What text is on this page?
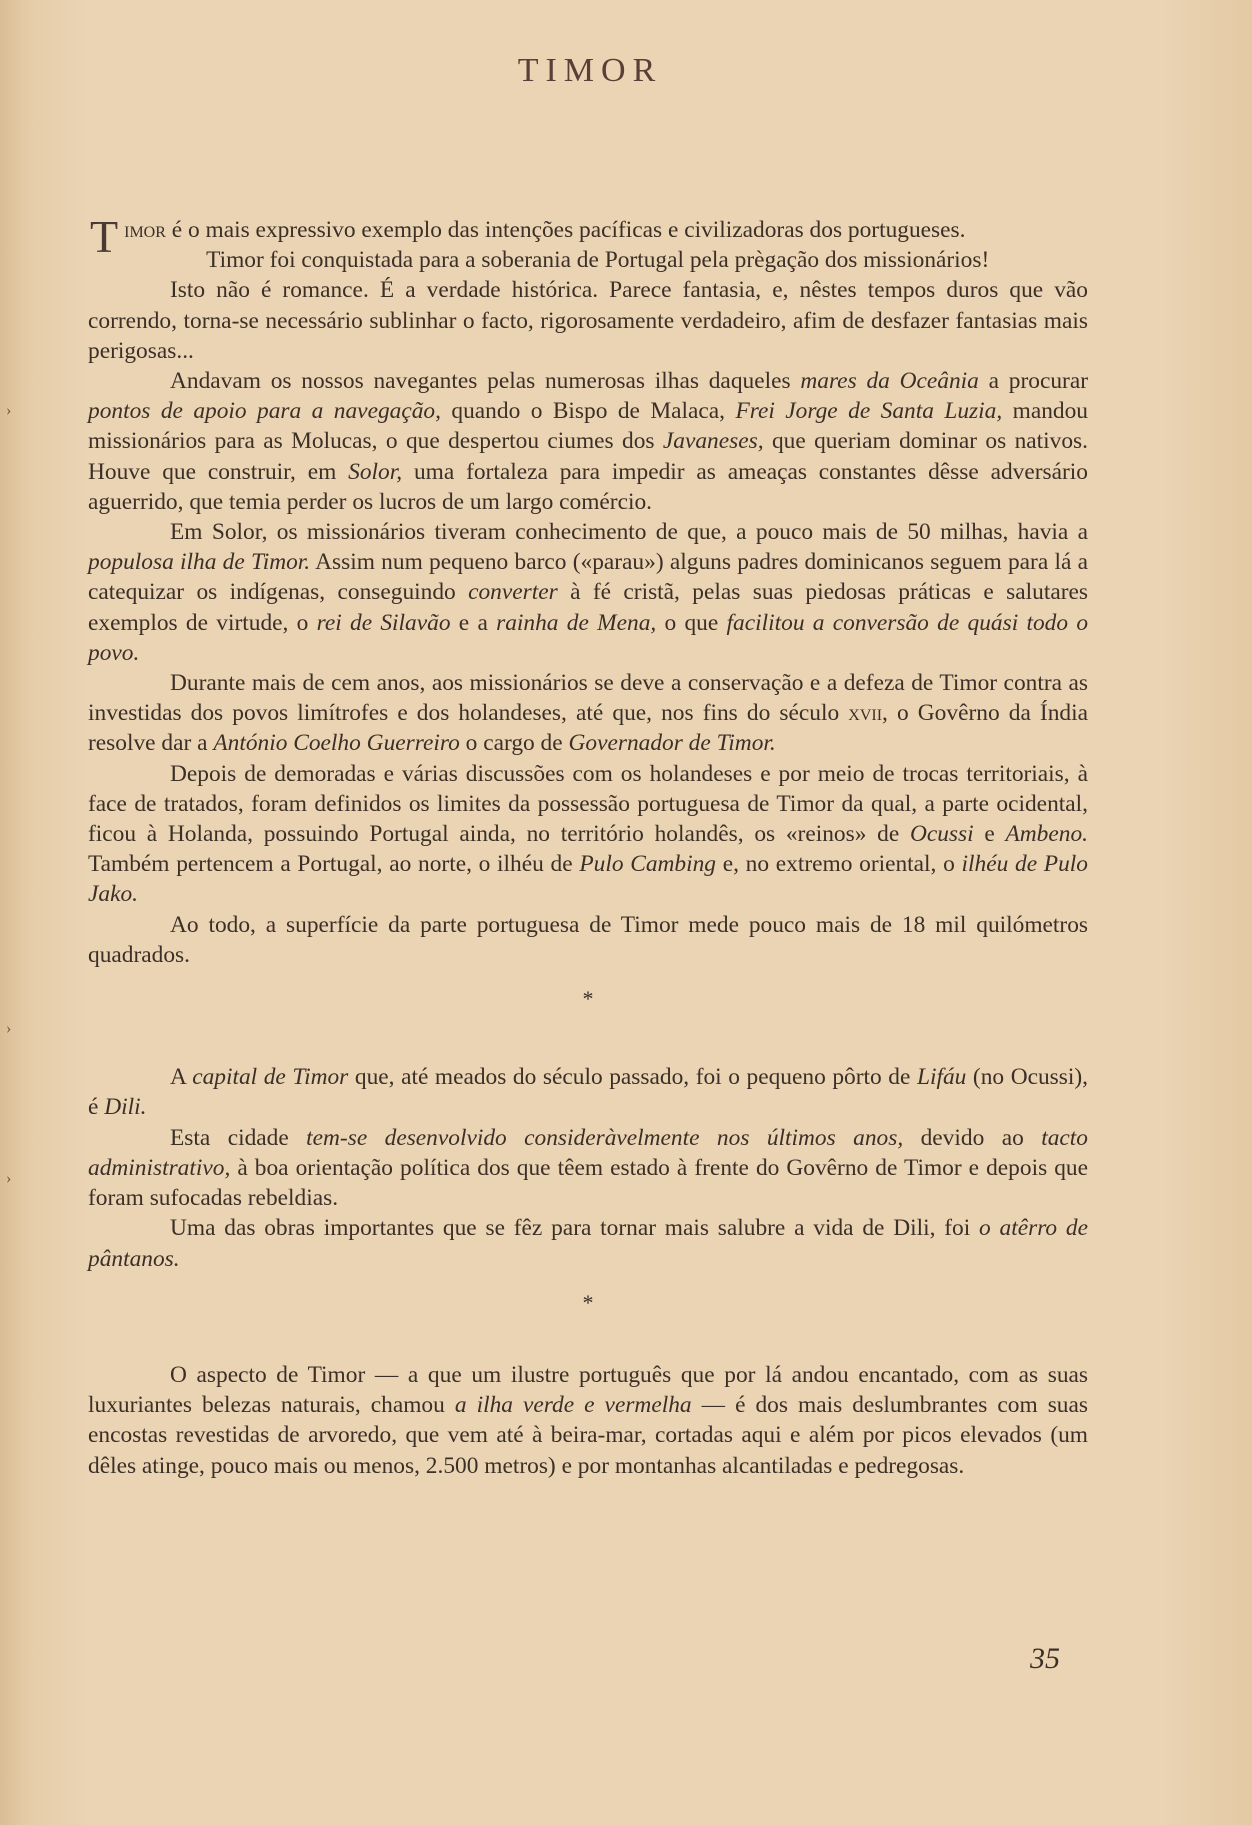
›
›
›
TIMOR

Timor é o mais expressivo exemplo das intenções pacíficas e civilizadoras dos portugueses.

Timor foi conquistada para a soberania de Portugal pela prègação dos missionários!

Isto não é romance. É a verdade histórica. Parece fantasia, e, nêstes tempos duros que vão correndo, torna-se necessário sublinhar o facto, rigorosamente verdadeiro, afim de desfazer fantasias mais perigosas...

Andavam os nossos navegantes pelas numerosas ilhas daqueles mares da Oceânia a procurar pontos de apoio para a navegação, quando o Bispo de Malaca, Frei Jorge de Santa Luzia, mandou missionários para as Molucas, o que despertou ciumes dos Javaneses, que queriam dominar os nativos. Houve que construir, em Solor, uma fortaleza para impedir as ameaças constantes dêsse adversário aguerrido, que temia perder os lucros de um largo comércio.

Em Solor, os missionários tiveram conhecimento de que, a pouco mais de 50 milhas, havia a populosa ilha de Timor. Assim num pequeno barco («parau») alguns padres dominicanos seguem para lá a catequizar os indígenas, conseguindo converter à fé cristã, pelas suas piedosas práticas e salutares exemplos de virtude, o rei de Silavão e a rainha de Mena, o que facilitou a conversão de quási todo o povo.

Durante mais de cem anos, aos missionários se deve a conservação e a defeza de Timor contra as investidas dos povos limítrofes e dos holandeses, até que, nos fins do século xvii, o Govêrno da Índia resolve dar a António Coelho Guerreiro o cargo de Governador de Timor.

Depois de demoradas e várias discussões com os holandeses e por meio de trocas territoriais, à face de tratados, foram definidos os limites da possessão portuguesa de Timor da qual, a parte ocidental, ficou à Holanda, possuindo Portugal ainda, no território holandês, os «reinos» de Ocussi e Ambeno. Também pertencem a Portugal, ao norte, o ilhéu de Pulo Cambing e, no extremo oriental, o ilhéu de Pulo Jako.

Ao todo, a superfície da parte portuguesa de Timor mede pouco mais de 18 mil quilómetros quadrados.

*

A capital de Timor que, até meados do século passado, foi o pequeno pôrto de Lifáu (no Ocussi), é Dili.

Esta cidade tem-se desenvolvido consideràvelmente nos últimos anos, devido ao tacto administrativo, à boa orientação política dos que têem estado à frente do Govêrno de Timor e depois que foram sufocadas rebeldias.

Uma das obras importantes que se fêz para tornar mais salubre a vida de Dili, foi o atêrro de pântanos.

*

O aspecto de Timor — a que um ilustre português que por lá andou encantado, com as suas luxuriantes belezas naturais, chamou a ilha verde e vermelha — é dos mais deslumbrantes com suas encostas revestidas de arvoredo, que vem até à beira-mar, cortadas aqui e além por picos elevados (um dêles atinge, pouco mais ou menos, 2.500 metros) e por montanhas alcantiladas e pedregosas.

35
